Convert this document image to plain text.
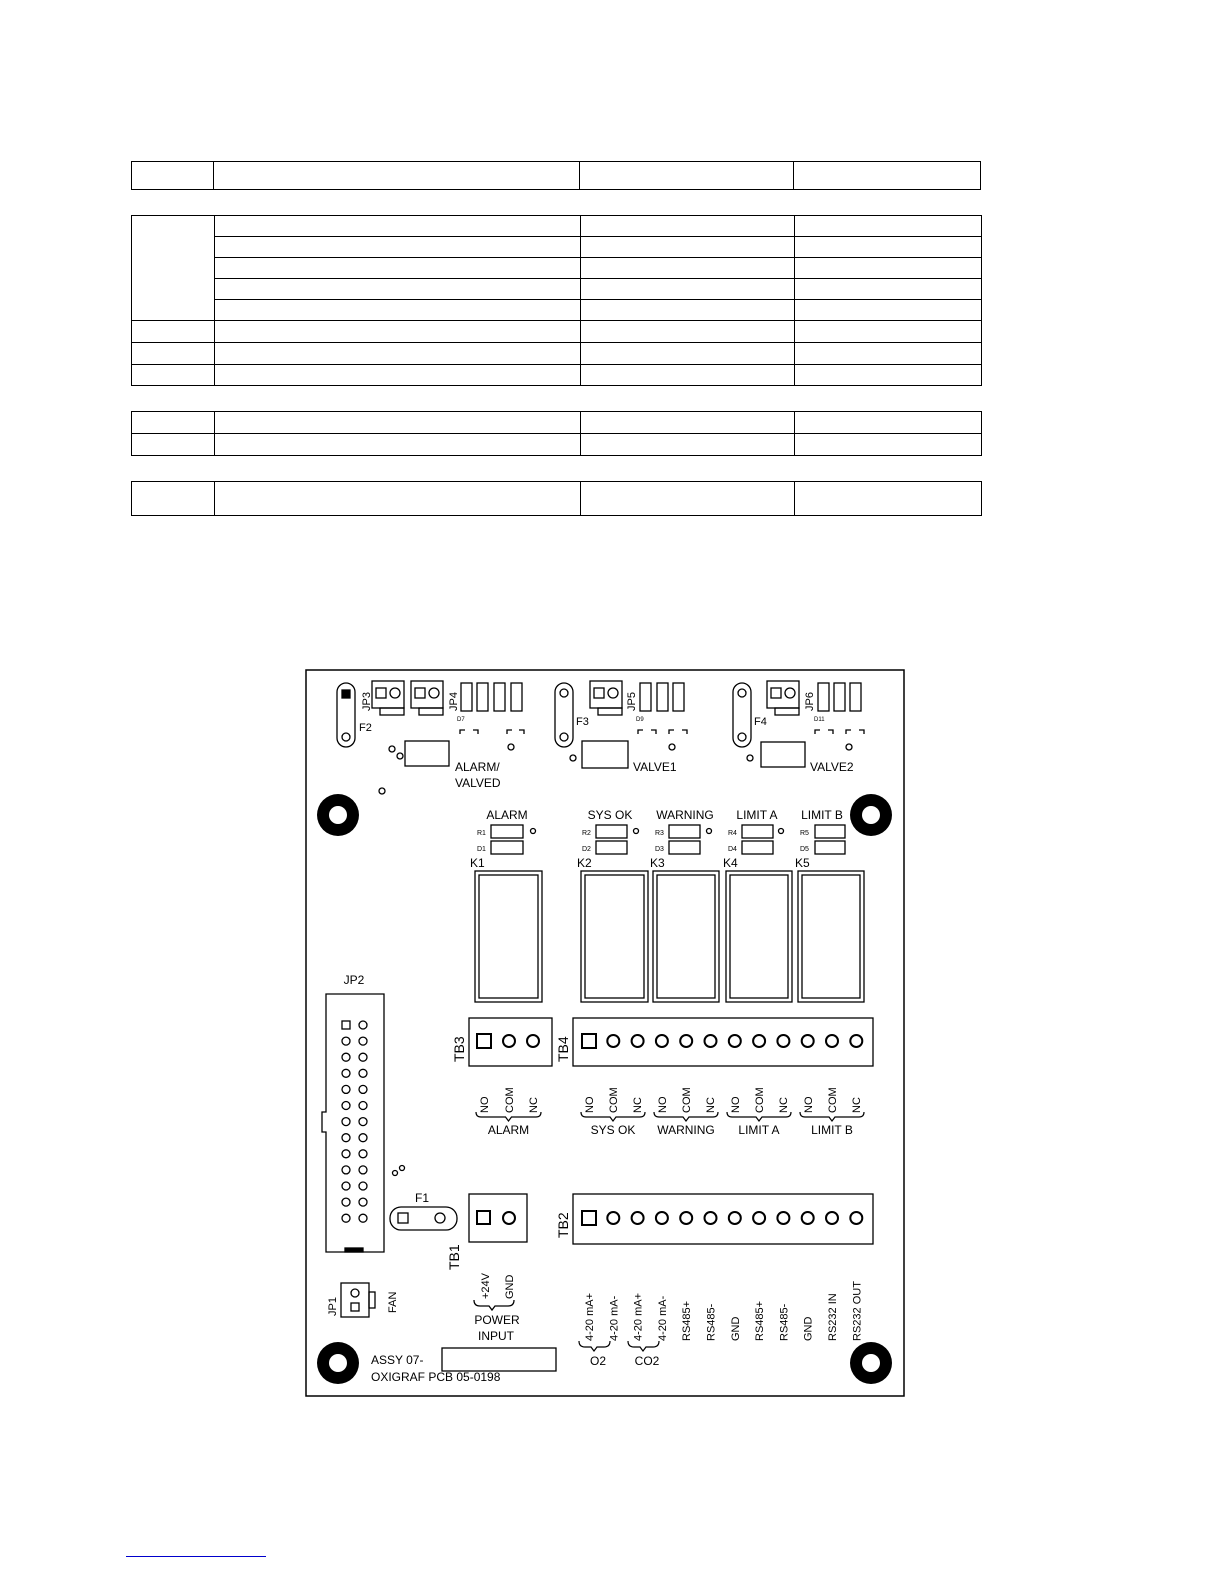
JP3	JP4	JP5	JP6
F2	F3	F4
D7	D9	D11
ALARM/
VALVED
VALVE1	VALVE2
ALARM
R1
D1
K1
SYS OK
R2
D2
K2
WARNING
R3
D3
K3
LIMIT A
R4
D4
K4
LIMIT B
R5
D5
K5
JP2
TB3	TB4
NO COM NC
ALARM
NO COM NC
SYS OK
NO COM NC
WARNING
NO COM NC
LIMIT A
NO COM NC
LIMIT B
F1
TB1
+24V GND
POWER
INPUT
TB2
4-20 mA+ 4-20 mA- 4-20 mA+ 4-20 mA- RS485+ RS485- GND RS485+ RS485- GND RS232 IN RS232 OUT
O2 CO2
JP1	FAN
ASSY 07-
OXIGRAF PCB 05-0198
